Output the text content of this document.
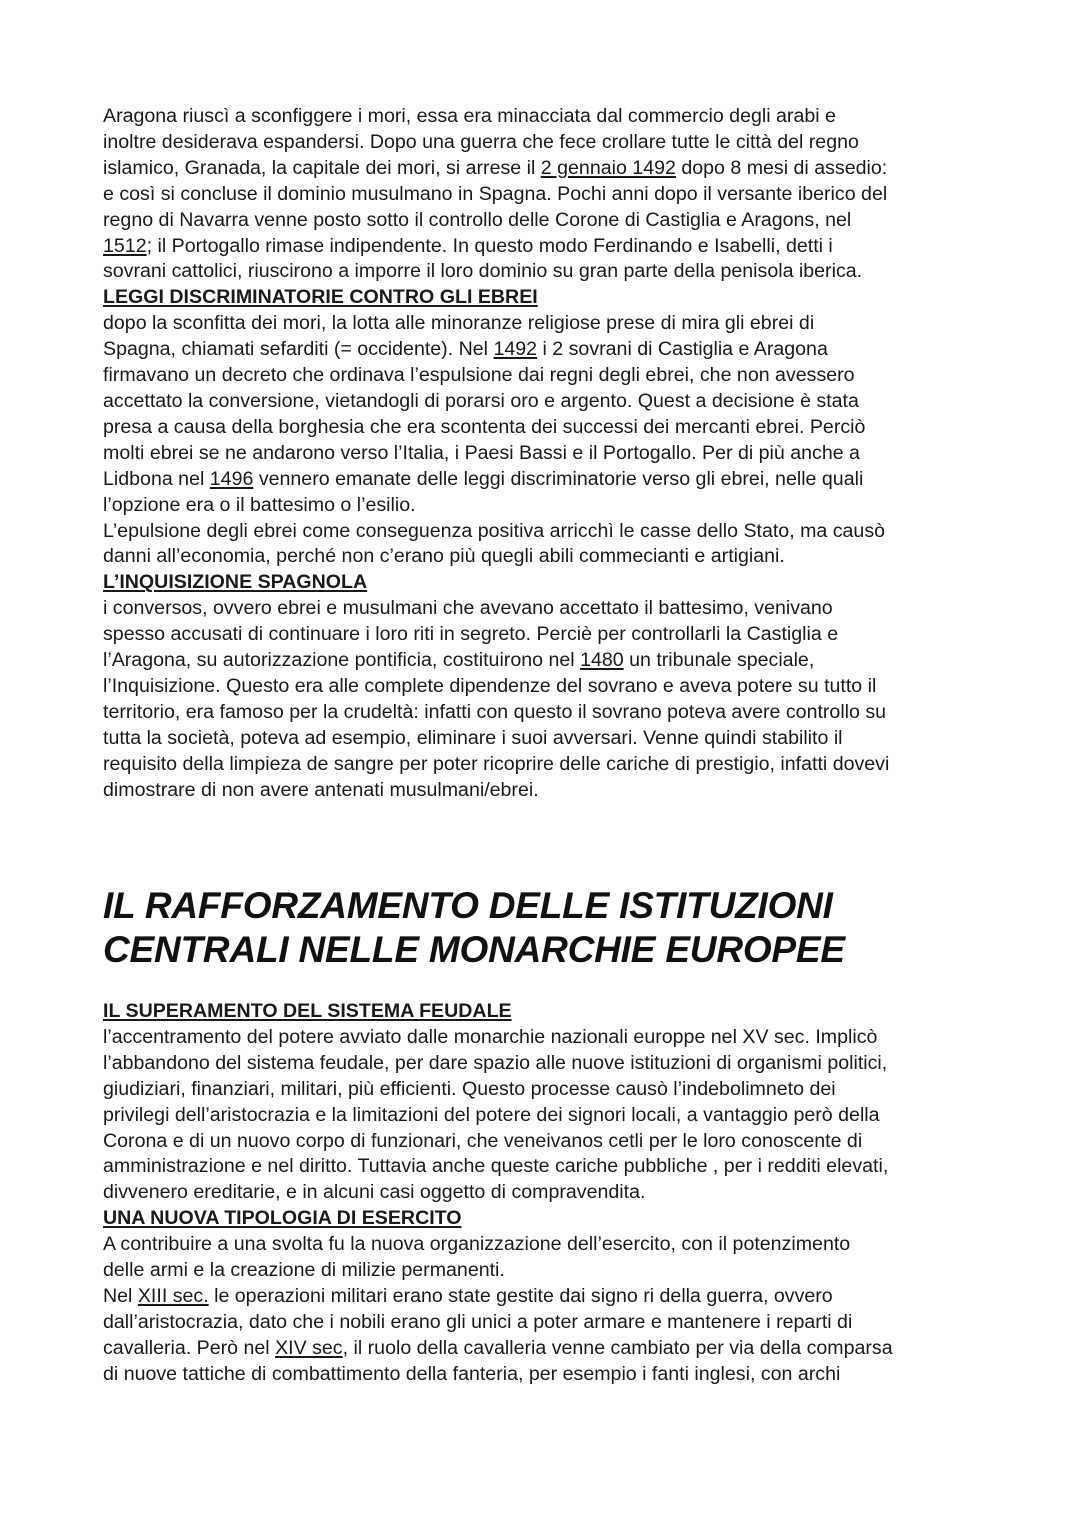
Aragona riuscì a sconfiggere i mori, essa era minacciata dal commercio degli arabi e
inoltre desiderava espandersi. Dopo una guerra che fece crollare tutte le città del regno
islamico, Granada, la capitale dei mori, si arrese il 2 gennaio 1492 dopo 8 mesi di assedio:
e così si concluse il dominio musulmano in Spagna. Pochi anni dopo il versante iberico del
regno di Navarra venne posto sotto il controllo delle Corone di Castiglia e Aragons, nel
1512; il Portogallo rimase indipendente. In questo modo Ferdinando e Isabelli, detti i
sovrani cattolici, riuscirono a imporre il loro dominio su gran parte della penisola iberica.

LEGGI DISCRIMINATORIE CONTRO GLI EBREI

dopo la sconfitta dei mori, la lotta alle minoranze religiose prese di mira gli ebrei di
Spagna, chiamati sefarditi (= occidente). Nel 1492 i 2 sovrani di Castiglia e Aragona
firmavano un decreto che ordinava l’espulsione dai regni degli ebrei, che non avessero
accettato la conversione, vietandogli di porarsi oro e argento. Quest a decisione è stata
presa a causa della borghesia che era scontenta dei successi dei mercanti ebrei. Perciò
molti ebrei se ne andarono verso l’Italia, i Paesi Bassi e il Portogallo. Per di più anche a
Lidbona nel 1496 vennero emanate delle leggi discriminatorie verso gli ebrei, nelle quali
l’opzione era o il battesimo o l’esilio.
L’epulsione degli ebrei come conseguenza positiva arricchì le casse dello Stato, ma causò
danni all’economia, perché non c’erano più quegli abili commecianti e artigiani.

L’INQUISIZIONE SPAGNOLA

i conversos, ovvero ebrei e musulmani che avevano accettato il battesimo, venivano
spesso accusati di continuare i loro riti in segreto. Perciè per controllarli la Castiglia e
l’Aragona, su autorizzazione pontificia, costituirono nel 1480 un tribunale speciale,
l’Inquisizione. Questo era alle complete dipendenze del sovrano e aveva potere su tutto il
territorio, era famoso per la crudeltà: infatti con questo il sovrano poteva avere controllo su
tutta la società, poteva ad esempio, eliminare i suoi avversari. Venne quindi stabilito il
requisito della limpieza de sangre per poter ricoprire delle cariche di prestigio, infatti dovevi
dimostrare di non avere antenati musulmani/ebrei.

IL RAFFORZAMENTO DELLE ISTITUZIONI
CENTRALI NELLE MONARCHIE EUROPEE
IL SUPERAMENTO DEL SISTEMA FEUDALE

l’accentramento del potere avviato dalle monarchie nazionali europpe nel XV sec. Implicò
l’abbandono del sistema feudale, per dare spazio alle nuove istituzioni di organismi politici,
giudiziari, finanziari, militari, più efficienti. Questo processe causò l’indebolimneto dei
privilegi dell’aristocrazia e la limitazioni del potere dei signori locali, a vantaggio però della
Corona e di un nuovo corpo di funzionari, che veneivanos cetli per le loro conoscente di
amministrazione e nel diritto. Tuttavia anche queste cariche pubbliche , per i redditi elevati,
divvenero ereditarie, e in alcuni casi oggetto di compravendita.

UNA NUOVA TIPOLOGIA DI ESERCITO

A contribuire a una svolta fu la nuova organizzazione dell’esercito, con il potenzimento
delle armi e la creazione di milizie permanenti.
Nel XIII sec. le operazioni militari erano state gestite dai signo ri della guerra, ovvero
dall’aristocrazia, dato che i nobili erano gli unici a poter armare e mantenere i reparti di
cavalleria. Però nel XIV sec, il ruolo della cavalleria venne cambiato per via della comparsa
di nuove tattiche di combattimento della fanteria, per esempio i fanti inglesi, con archi
